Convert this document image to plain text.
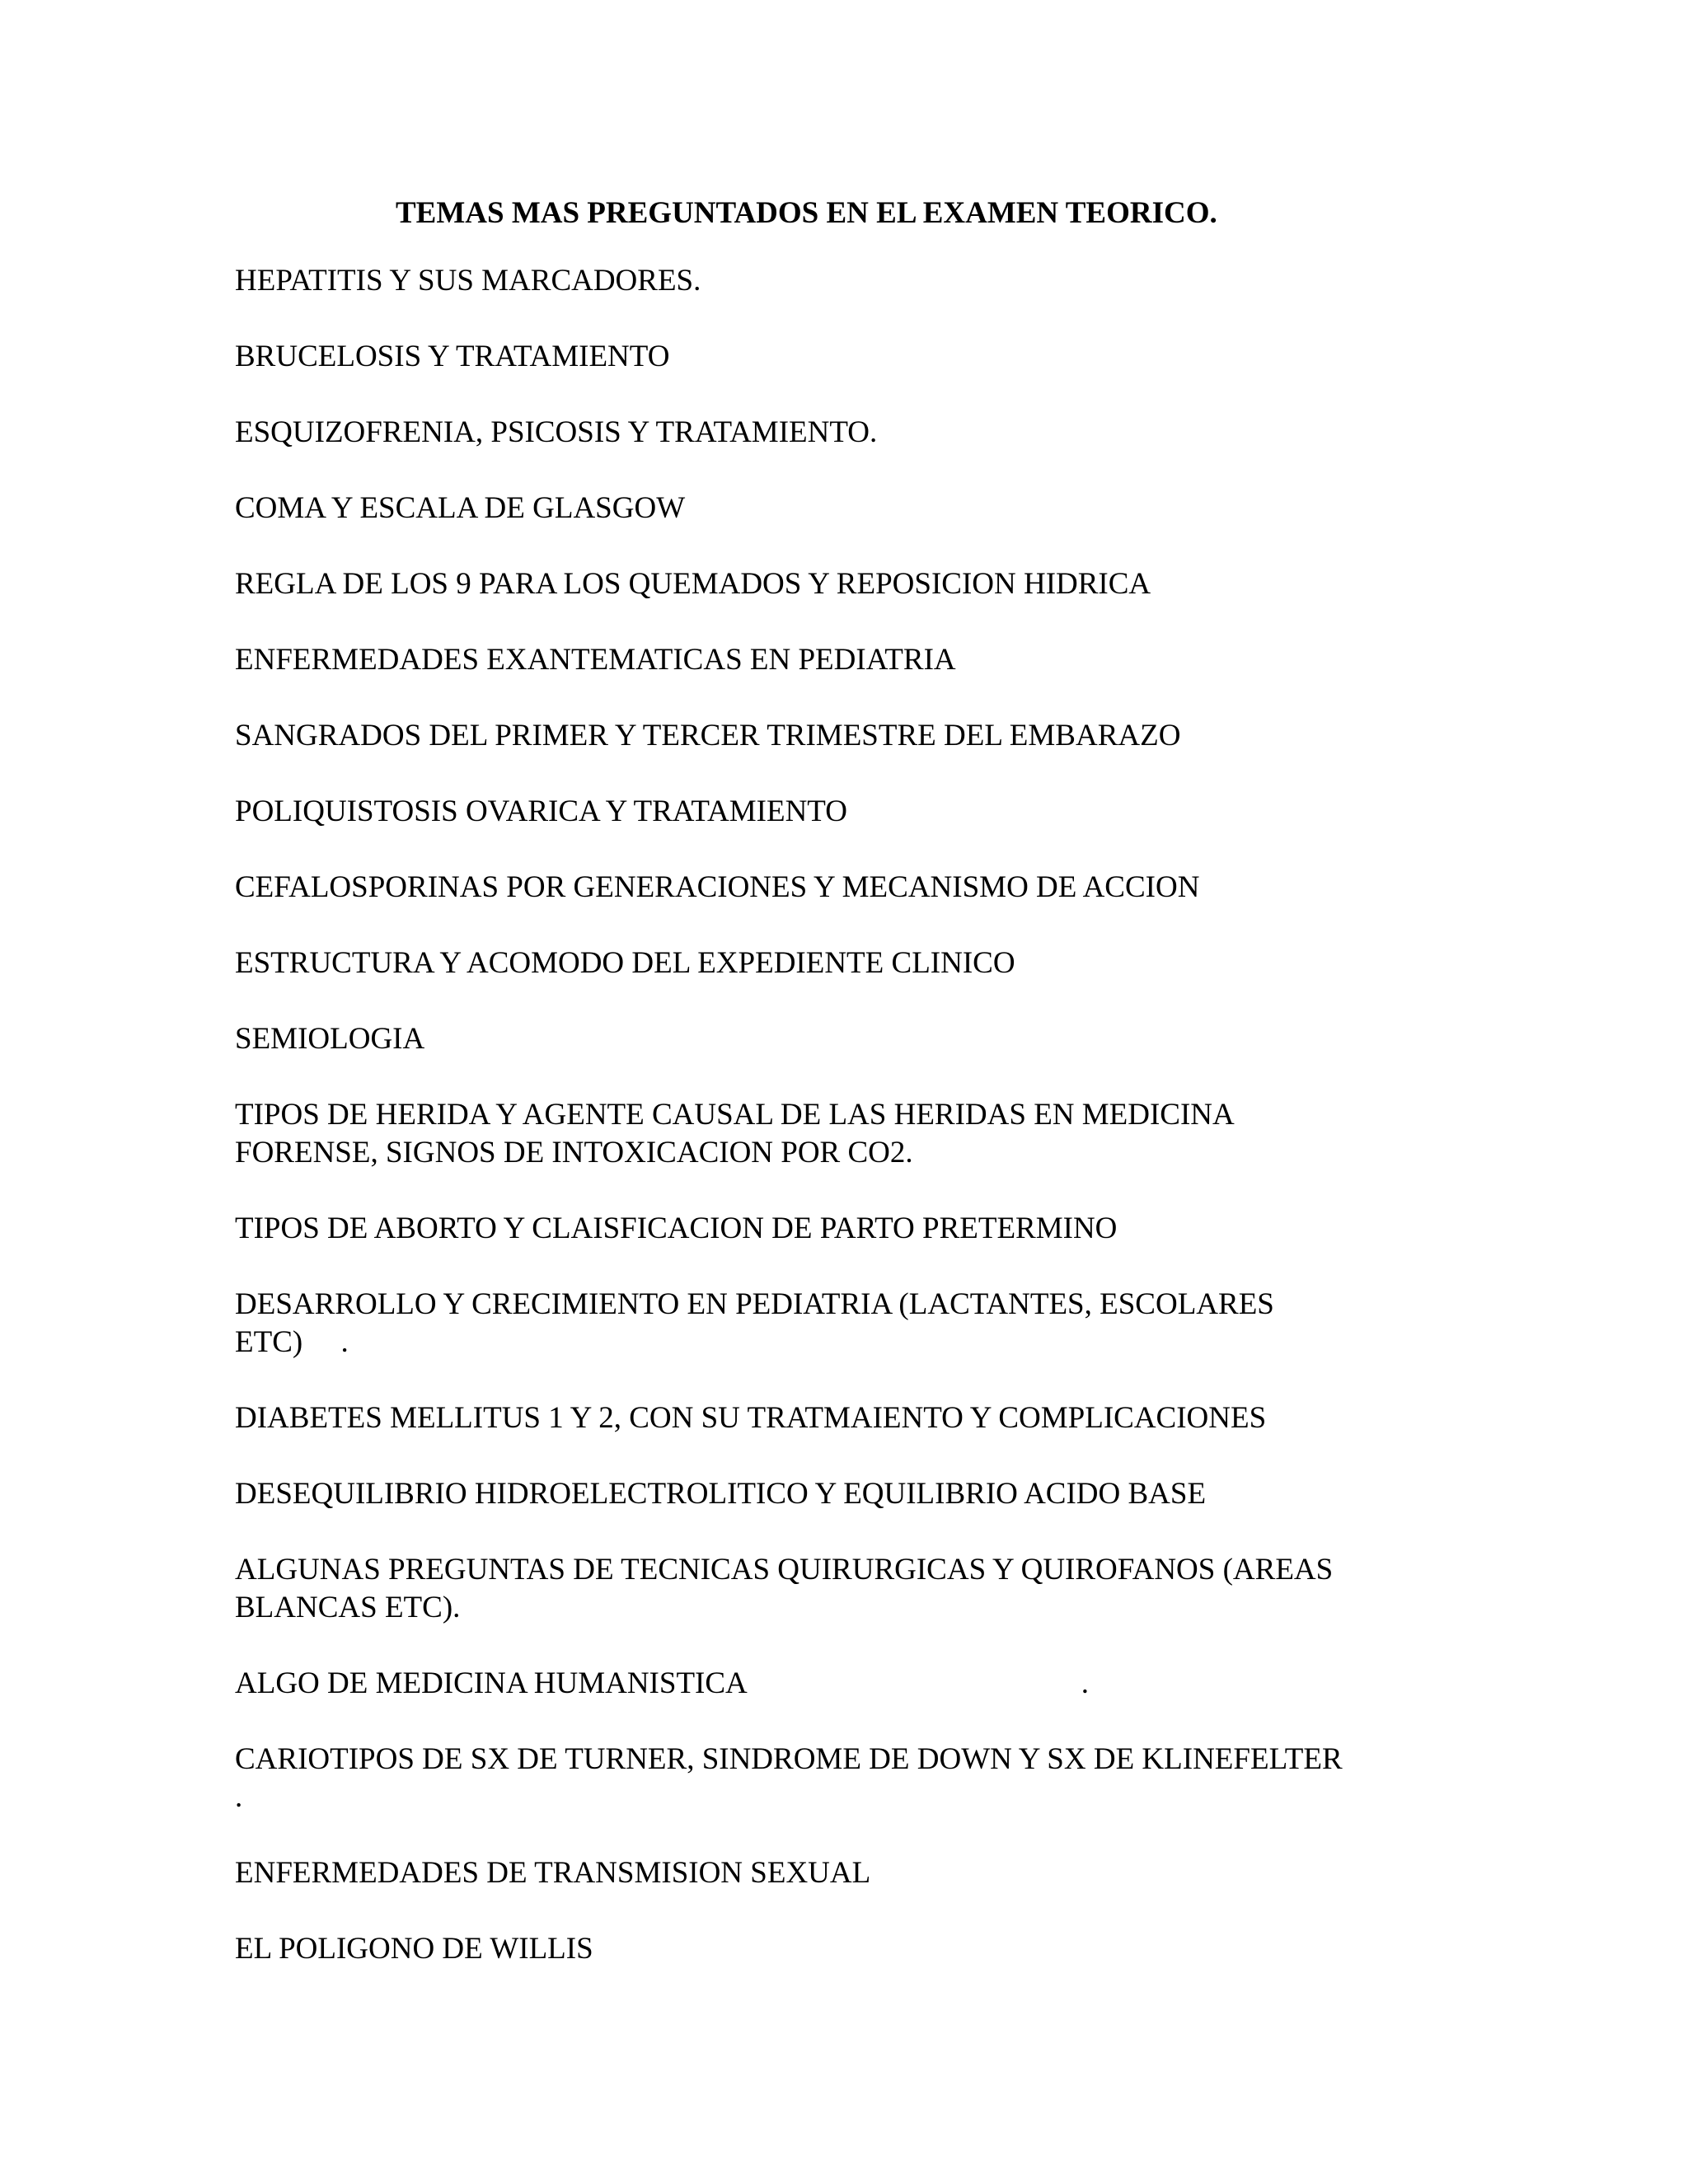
TEMAS MAS PREGUNTADOS EN EL EXAMEN TEORICO.
HEPATITIS Y SUS MARCADORES.
BRUCELOSIS Y TRATAMIENTO
ESQUIZOFRENIA, PSICOSIS Y TRATAMIENTO.
COMA Y ESCALA DE GLASGOW
REGLA DE LOS 9 PARA LOS QUEMADOS Y REPOSICION HIDRICA
ENFERMEDADES EXANTEMATICAS EN PEDIATRIA
SANGRADOS DEL PRIMER Y TERCER TRIMESTRE DEL EMBARAZO
POLIQUISTOSIS OVARICA Y TRATAMIENTO
CEFALOSPORINAS POR GENERACIONES Y MECANISMO DE ACCION
ESTRUCTURA Y ACOMODO DEL EXPEDIENTE CLINICO
SEMIOLOGIA
TIPOS DE HERIDA Y AGENTE CAUSAL DE LAS HERIDAS EN MEDICINA
FORENSE, SIGNOS DE INTOXICACION POR CO2.
TIPOS DE ABORTO Y CLAISFICACION DE PARTO PRETERMINO
DESARROLLO Y CRECIMIENTO EN PEDIATRIA (LACTANTES, ESCOLARES
ETC)     .
DIABETES MELLITUS 1 Y 2, CON SU TRATMAIENTO Y COMPLICACIONES
DESEQUILIBRIO HIDROELECTROLITICO Y EQUILIBRIO ACIDO BASE
ALGUNAS PREGUNTAS DE TECNICAS QUIRURGICAS Y QUIROFANOS (AREAS
BLANCAS ETC).
ALGO DE MEDICINA HUMANISTICA                                            .
CARIOTIPOS DE SX DE TURNER, SINDROME DE DOWN Y SX DE KLINEFELTER
.
ENFERMEDADES DE TRANSMISION SEXUAL
EL POLIGONO DE WILLIS
